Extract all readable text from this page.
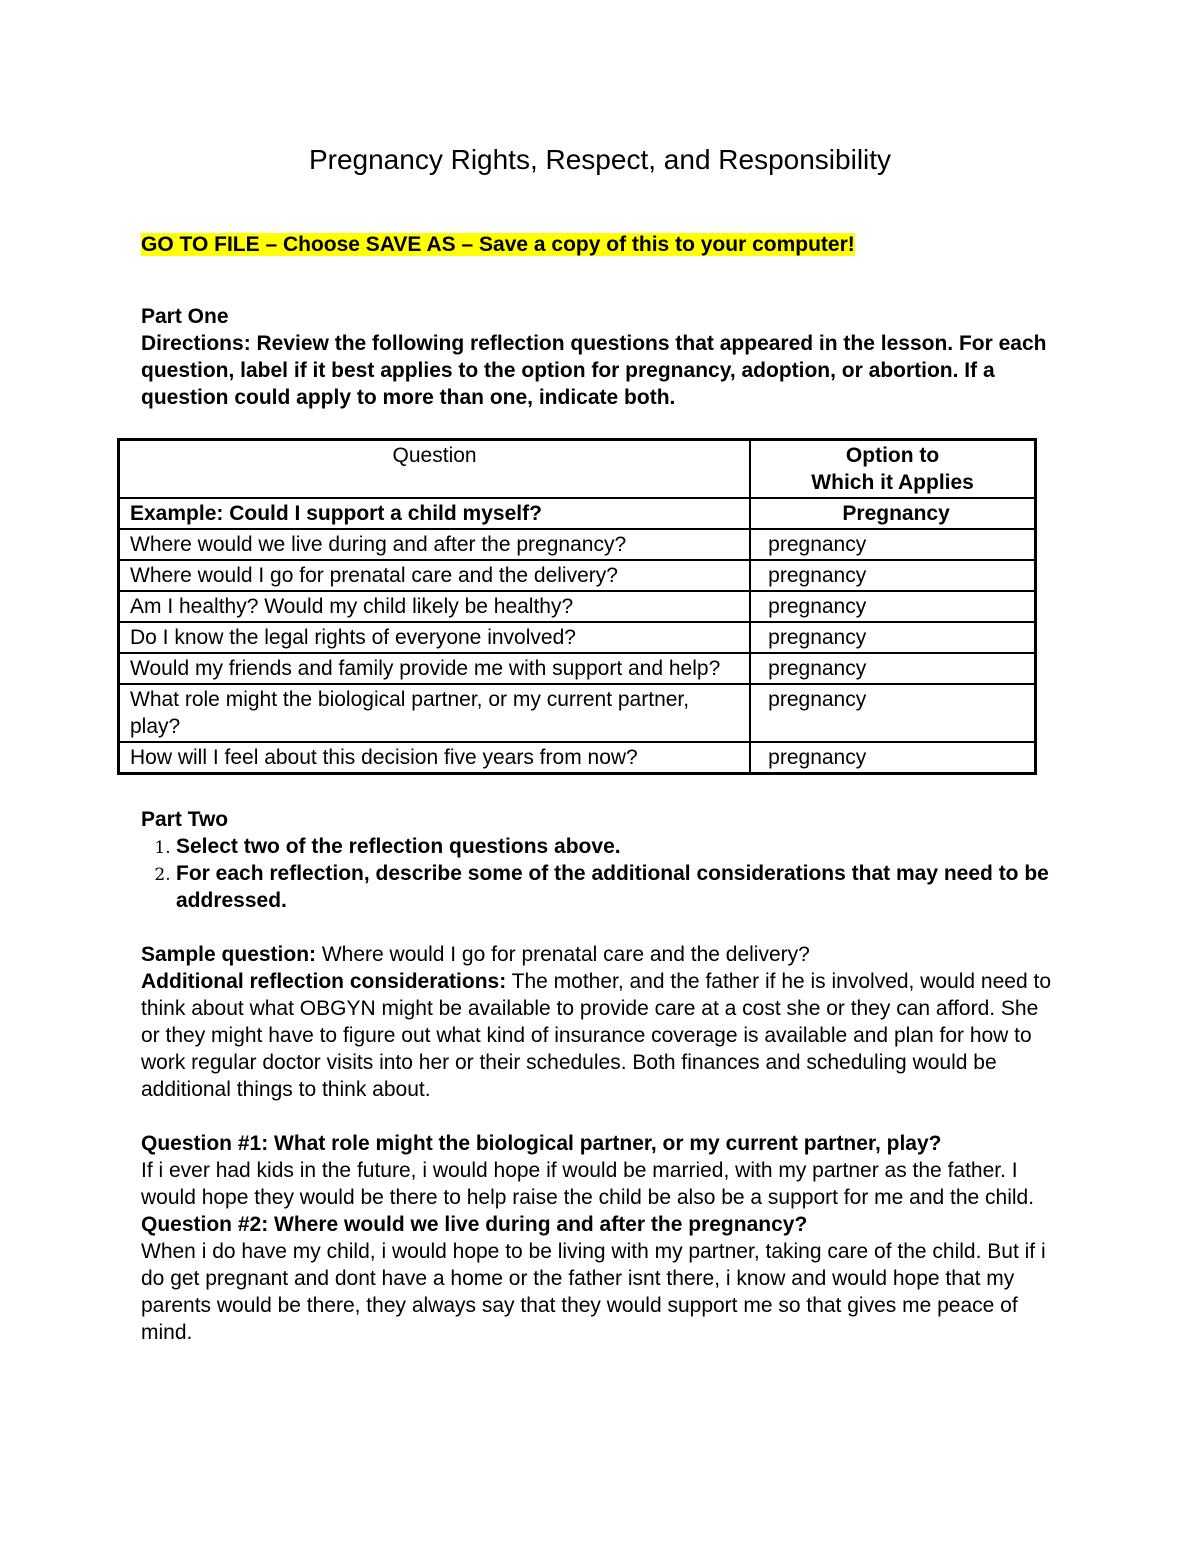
Pregnancy Rights, Respect, and Responsibility
GO TO FILE – Choose SAVE AS – Save a copy of this to your computer!

Part One

Directions: Review the following reflection questions that appeared in the lesson. For each question, label if it best applies to the option for pregnancy, adoption, or abortion. If a question could apply to more than one, indicate both.

Question	Option to
Which it Applies
Example: Could I support a child myself?	Pregnancy
Where would we live during and after the pregnancy?	pregnancy
Where would I go for prenatal care and the delivery?	pregnancy
Am I healthy? Would my child likely be healthy?	pregnancy
Do I know the legal rights of everyone involved?	pregnancy
Would my friends and family provide me with support and help?	pregnancy
What role might the biological partner, or my current partner, play?	pregnancy
How will I feel about this decision five years from now?	pregnancy

Part Two

1. Select two of the reflection questions above.
2. For each reflection, describe some of the additional considerations that may need to be addressed.

Sample question: Where would I go for prenatal care and the delivery?

Additional reflection considerations: The mother, and the father if he is involved, would need to think about what OBGYN might be available to provide care at a cost she or they can afford. She or they might have to figure out what kind of insurance coverage is available and plan for how to work regular doctor visits into her or their schedules. Both finances and scheduling would be additional things to think about.

Question #1: What role might the biological partner, or my current partner, play?

If i ever had kids in the future, i would hope if would be married, with my partner as the father. I would hope they would be there to help raise the child be also be a support for me and the child.

Question #2: Where would we live during and after the pregnancy?

When i do have my child, i would hope to be living with my partner, taking care of the child. But if i do get pregnant and dont have a home or the father isnt there, i know and would hope that my parents would be there, they always say that they would support me so that gives me peace of mind.
